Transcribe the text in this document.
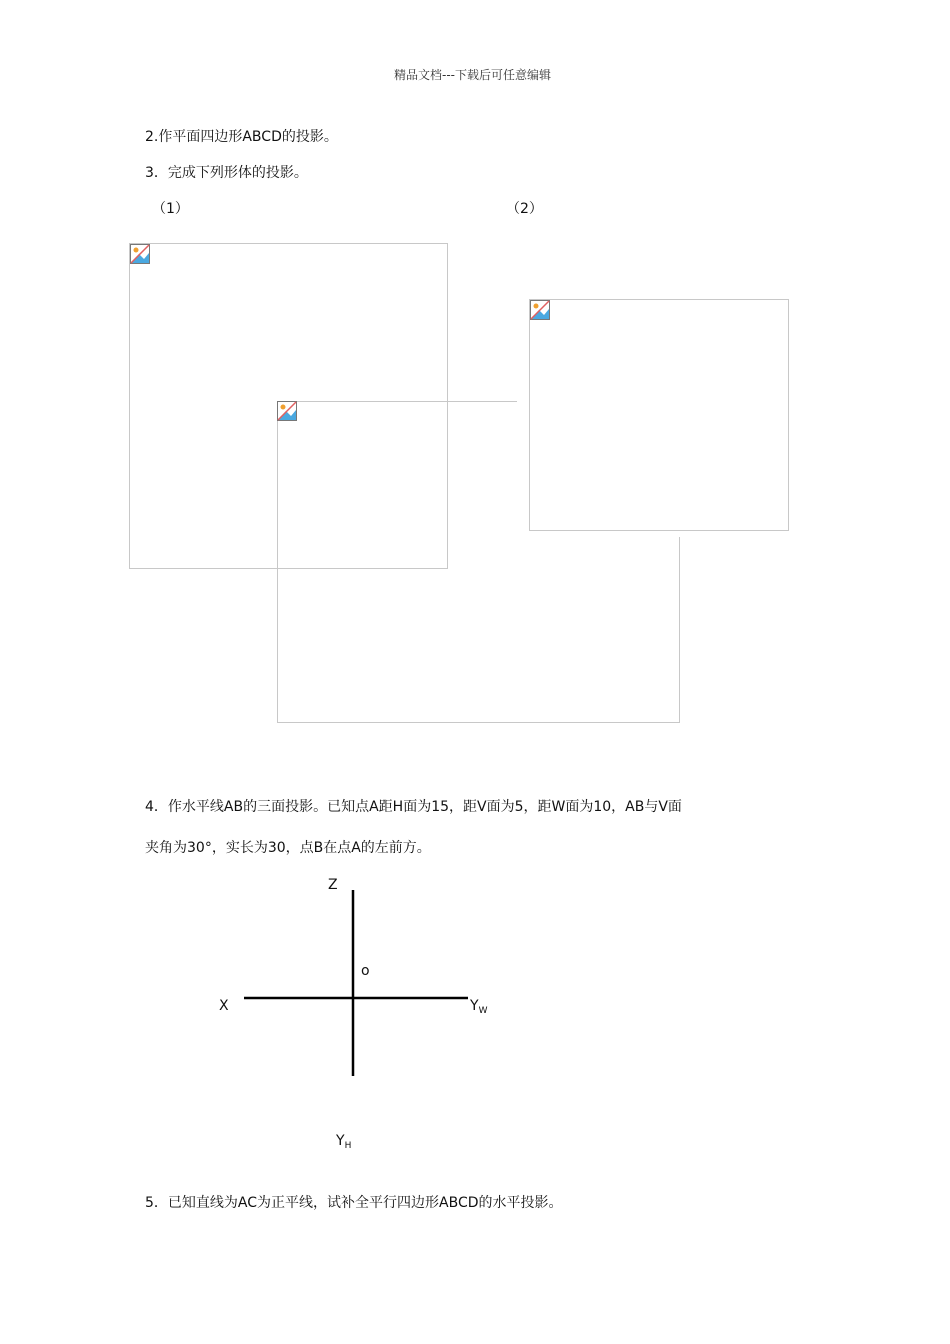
精品文档---下载后可任意编辑
2.作平面四边形ABCD的投影。
3．完成下列形体的投影。
（1）	（2）
4．作水平线AB的三面投影。已知点A距H面为15，距V面为5，距W面为10，AB与V面
夹角为30°，实长为30，点B在点A的左前方。
Z
X
o
$Y_W$
$Y_H$
5．已知直线为AC为正平线，试补全平行四边形ABCD的水平投影。
